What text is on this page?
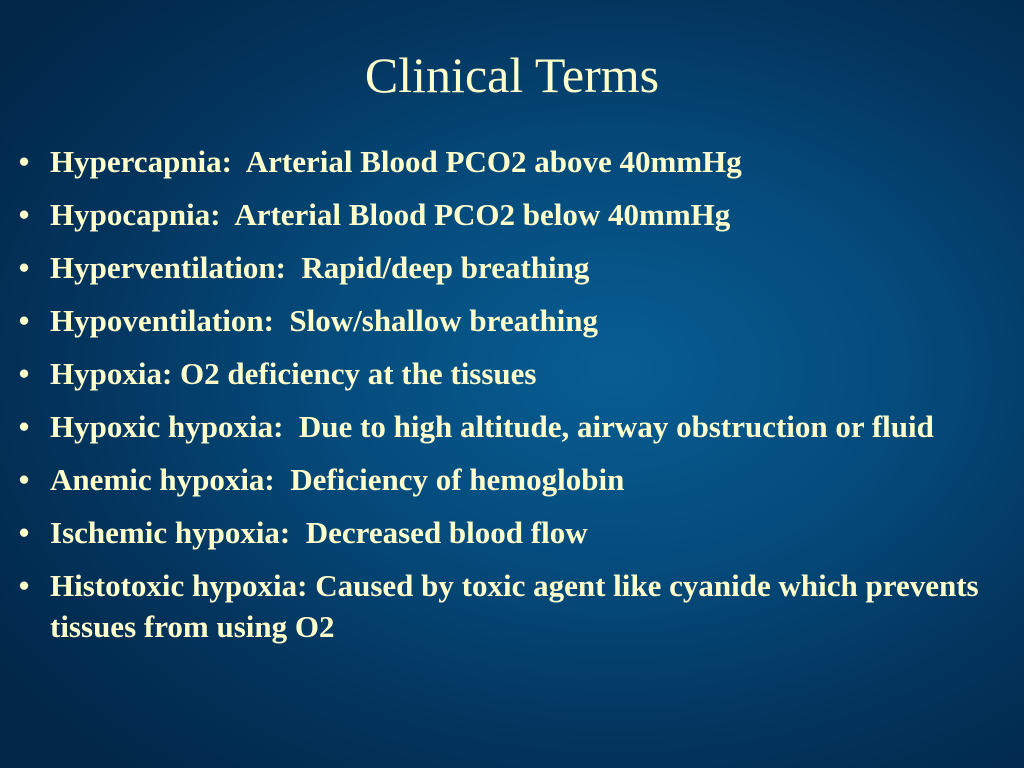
Clinical Terms
• Hypercapnia:  Arterial Blood PCO2 above 40mmHg
• Hypocapnia:  Arterial Blood PCO2 below 40mmHg
• Hyperventilation:  Rapid/deep breathing
• Hypoventilation:  Slow/shallow breathing
• Hypoxia: O2 deficiency at the tissues
• Hypoxic hypoxia:  Due to high altitude, airway obstruction or fluid
• Anemic hypoxia:  Deficiency of hemoglobin
• Ischemic hypoxia:  Decreased blood flow
• Histotoxic hypoxia: Caused by toxic agent like cyanide which prevents tissues from using O2
